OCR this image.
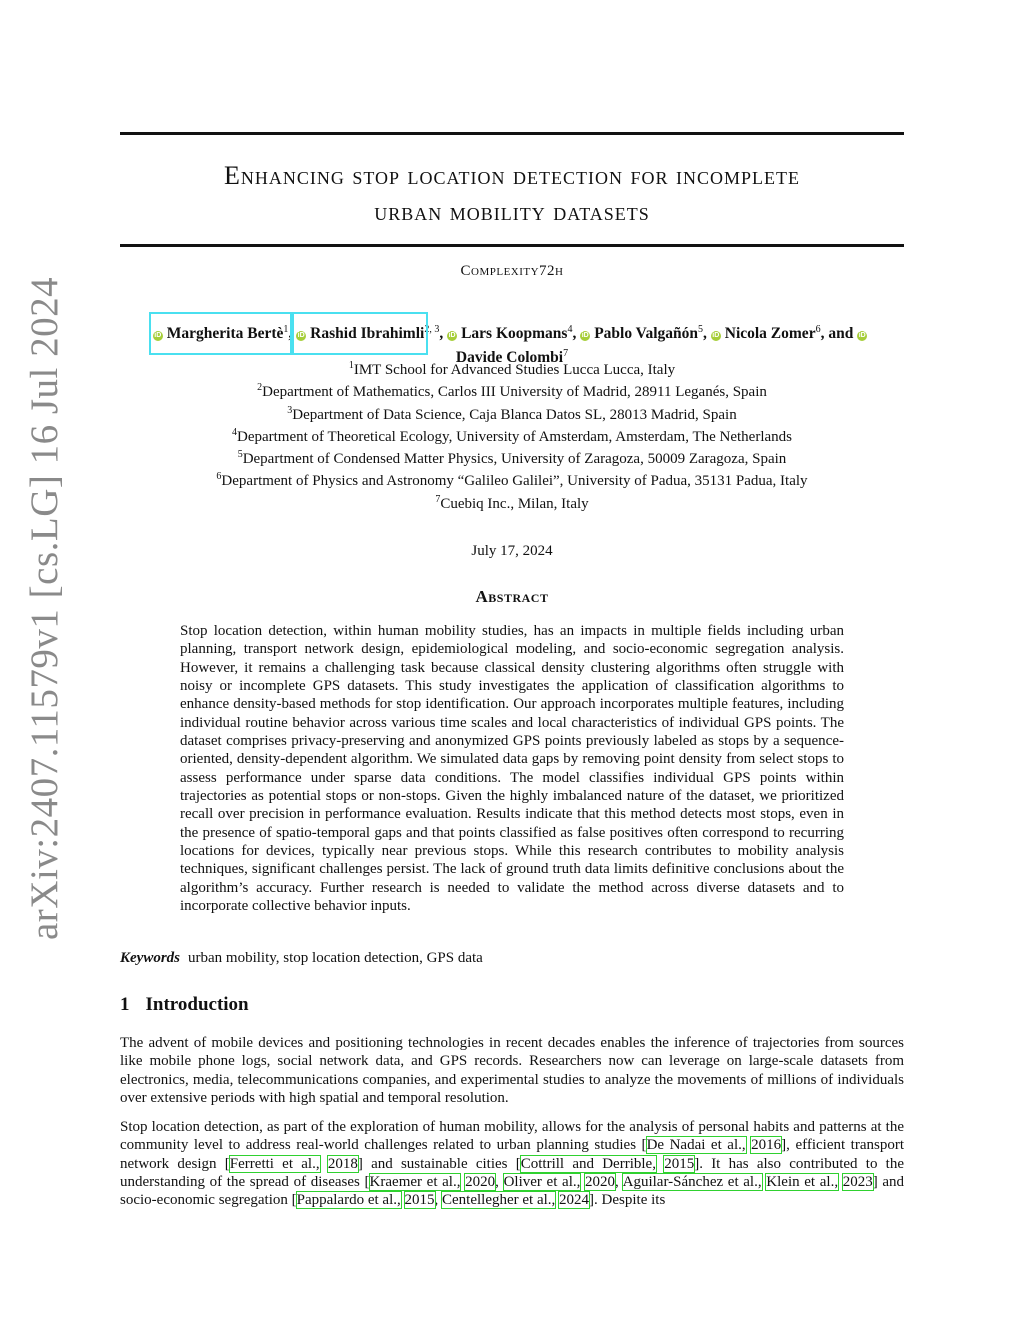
arXiv:2407.11579v1 [cs.LG] 16 Jul 2024
Enhancing stop location detection for incomplete
urban mobility datasets
Complexity72h
iD Margherita Bertè$^1$, iD Rashid Ibrahimli$^{2, 3}$, iD Lars Koopmans$^4$, iD Pablo Valgañón$^5$, iD Nicola Zomer$^6$, and iD
Davide Colombi$^7$
$^1$IMT School for Advanced Studies Lucca Lucca, Italy
$^2$Department of Mathematics, Carlos III University of Madrid, 28911 Leganés, Spain
$^3$Department of Data Science, Caja Blanca Datos SL, 28013 Madrid, Spain
$^4$Department of Theoretical Ecology, University of Amsterdam, Amsterdam, The Netherlands
$^5$Department of Condensed Matter Physics, University of Zaragoza, 50009 Zaragoza, Spain
$^6$Department of Physics and Astronomy “Galileo Galilei”, University of Padua, 35131 Padua, Italy
$^7$Cuebiq Inc., Milan, Italy
July 17, 2024
Abstract
Stop location detection, within human mobility studies, has an impacts in multiple fields including urban planning, transport network design, epidemiological modeling, and socio-economic segregation analysis. However, it remains a challenging task because classical density clustering algorithms often struggle with noisy or incomplete GPS datasets. This study investigates the application of classification algorithms to enhance density-based methods for stop identification. Our approach incorporates multiple features, including individual routine behavior across various time scales and local characteristics of individual GPS points. The dataset comprises privacy-preserving and anonymized GPS points previously labeled as stops by a sequence-oriented, density-dependent algorithm. We simulated data gaps by removing point density from select stops to assess performance under sparse data conditions. The model classifies individual GPS points within trajectories as potential stops or non-stops. Given the highly imbalanced nature of the dataset, we prioritized recall over precision in performance evaluation. Results indicate that this method detects most stops, even in the presence of spatio-temporal gaps and that points classified as false positives often correspond to recurring locations for devices, typically near previous stops. While this research contributes to mobility analysis techniques, significant challenges persist. The lack of ground truth data limits definitive conclusions about the algorithm’s accuracy. Further research is needed to validate the method across diverse datasets and to incorporate collective behavior inputs.
Keywords urban mobility, stop location detection, GPS data
1 Introduction
The advent of mobile devices and positioning technologies in recent decades enables the inference of trajectories from sources like mobile phone logs, social network data, and GPS records. Researchers now can leverage on large-scale datasets from electronics, media, telecommunications companies, and experimental studies to analyze the movements of millions of individuals over extensive periods with high spatial and temporal resolution.
Stop location detection, as part of the exploration of human mobility, allows for the analysis of personal habits and patterns at the community level to address real-world challenges related to urban planning studies [De Nadai et al., 2016], efficient transport network design [Ferretti et al., 2018] and sustainable cities [Cottrill and Derrible, 2015]. It has also contributed to the understanding of the spread of diseases [Kraemer et al., 2020, Oliver et al., 2020, Aguilar-Sánchez et al., Klein et al., 2023] and socio-economic segregation [Pappalardo et al., 2015, Centellegher et al., 2024]. Despite its
